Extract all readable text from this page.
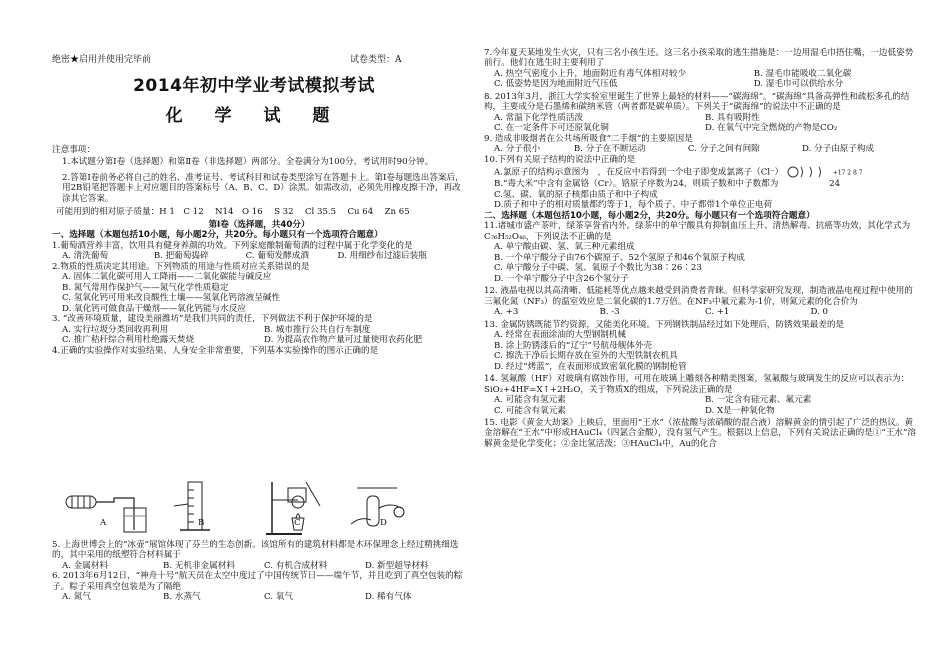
绝密★启用并使用完毕前	试卷类型：A
2014年初中学业考试模拟考试
化 学 试 题

注意事项：

1.本试题分第Ⅰ卷（选择题）和第Ⅱ卷（非选择题）两部分。全卷满分为100分，考试用时90分钟。

2.答第Ⅰ卷前务必将自己的姓名、准考证号、考试科目和试卷类型涂写在答题卡上。第Ⅰ卷每题选出答案后，用2B铅笔把答题卡上对应题目的答案标号（A、B、C、D）涂黑。如需改动，必须先用橡皮擦干净，再改涂其它答案。

可能用到的相对原子质量：H 1　C 12　 N14　O 16　 S 32　 Cl 35.5　 Cu 64　 Zn 65

第Ⅰ卷（选择题，共40分）

一、选择题（本题包括10小题，每小题2分，共20分。每小题只有一个选项符合题意）

1.葡萄酒营养丰富，饮用具有健身养颜的功效。下列家庭酿制葡萄酒的过程中属于化学变化的是

A. 清洗葡萄	B. 把葡萄捣碎	C. 葡萄发酵成酒	D. 用细纱布过滤后装瓶

2.物质的性质决定其用途。下列物质的用途与性质对应关系错误的是

A. 固体二氧化碳可用人工降雨——二氧化碳能与碱反应

B. 氮气常用作保护气——氮气化学性质稳定

C. 氢氧化钙可用来改良酸性土壤——氢氧化钙溶液呈碱性

D. 氧化钙可做食品干燥剂——氧化钙能与水反应

3. “改善环境质量，建设美丽潍坊”是我们共同的责任，下列做法不利于保护环境的是

A. 实行垃圾分类回收再利用	B. 城市推行公共自行车制度
C. 推广秸秆综合利用杜绝露天焚烧	D. 为提高农作物产量可过量使用农药化肥

4.正确的实验操作对实验结果、人身安全非常重要，下列基本实验操作的图示正确的是

A	B	C	D

5. 上海世博会上的“冰壶”展馆体现了芬兰的生态创新。该馆所有的建筑材料都是木环保理念上经过精挑细选的，其中采用的纸塑符合材料属于

A. 金属材料	B. 无机非金属材料	C. 有机合成材料	D. 新型超导材料

6. 2013年6月12日，“神舟十号”航天员在太空中度过了中国传统节日——端午节，并且吃到了真空包装的粽子。粽子采用真空包装是为了隔绝

A. 氮气	B. 水蒸气	C. 氧气	D. 稀有气体

7.今年夏天某地发生火灾，只有三名小孩生还。这三名小孩采取的逃生措施是：一边用湿毛巾捂住嘴，一边低姿势前行。他们在逃生时主要利用了

A. 热空气密度小上升，地面附近有毒气体相对较少	B. 湿毛巾能吸收二氧化碳
C. 低姿势是因为地面附近气压低	D. 湿毛巾可以供给水分

8. 2013年3月，浙江大学实验室里诞生了世界上最轻的材料——“碳海绵”。“碳海绵”具备高弹性和疏松多孔的结构，主要成分是石墨烯和碳纳米管（两者都是碳单质）。下列关于“碳海绵”的说法中不正确的是

A. 常温下化学性质活泼	B. 具有吸附性
C. 在一定条件下可还原氧化铜	D. 在氧气中完全燃烧的产物是CO₂

9. 造成非吸烟者在公共场所吸食“二手烟”的主要原因是

A. 分子很小	B. 分子在不断运动	C. 分子之间有间隙	D. 分子由原子构成

10.下列有关原子结构的说法中正确的是

A.氯原子的结构示意图为　，在反应中若得到一个电子即变成氯离子（Cl⁻）	+17 2 8 7

B.“毒大米”中含有金属铬（Cr）。铬原子序数为24，则质子数和中子数都为	24

C.氢、碳、氧的原子核都由质子和中子构成

D.质子和中子的相对质量都约等于1，每个质子、中子都带1个单位正电荷

二、选择题（本题包括10小题，每小题2分，共20分。每小题只有一个选项符合题意）

11.诸城市盛产茶叶，绿茶享誉省内外。绿茶中的单宁酸具有抑制血压上升、清热解毒、抗癌等功效，其化学式为C₇₆H₅₂O₄₆，下列说法不正确的是

A. 单宁酸由碳、氢、氧三种元素组成

B. 一个单宁酸分子由76个碳原子、52个氢原子和46个氧原子构成

C. 单宁酸分子中碳、氢、氧原子个数比为38∶26∶23

D. 一个单宁酸分子中含26个氢分子

12. 液晶电视以其高清晰、低能耗等优点越来越受到消费者青睐。但科学家研究发现，制造液晶电视过程中使用的三氟化氮（NF₃）的温室效应是二氧化碳的1.7万倍。在NF₃中氟元素为-1价，则氮元素的化合价为

A. +3	B. -3	C. +1	D. 0

13. 金属防锈既能节约资源，又能美化环境。下列钢铁制品经过如下处理后，防锈效果最差的是

A. 经常在表面涂油的大型钢制机械

B. 涂上防锈漆后的“辽宁”号航母舰体外壳

C. 擦洗干净后长期存放在室外的大型铁制农机具

D. 经过“烤蓝”，在表面形成致密氧化膜的钢制枪管

14. 氢氟酸（HF）对玻璃有腐蚀作用，可用在玻璃上雕刻各种精美图案，氢氟酸与玻璃发生的反应可以表示为：SiO₂+4HF=X↑+2H₂O，关于物质X的组成，下列说法正确的是

A. 可能含有氢元素	B. 一定含有硅元素、氟元素
C. 可能含有氧元素	D. X是一种氧化物

15. 电影《黄金大劫案》上映后，里面用“王水”（浓盐酸与浓硝酸的混合液）溶解黄金的情引起了广泛的热议。黄金溶解在“王水”中形成HAuCl₄（四氯合金酸），没有氢气产生。根据以上信息，下列有关说法正确的是①“王水”溶解黄金是化学变化；②金比氢活泼；③HAuCl₄中，Au的化合
